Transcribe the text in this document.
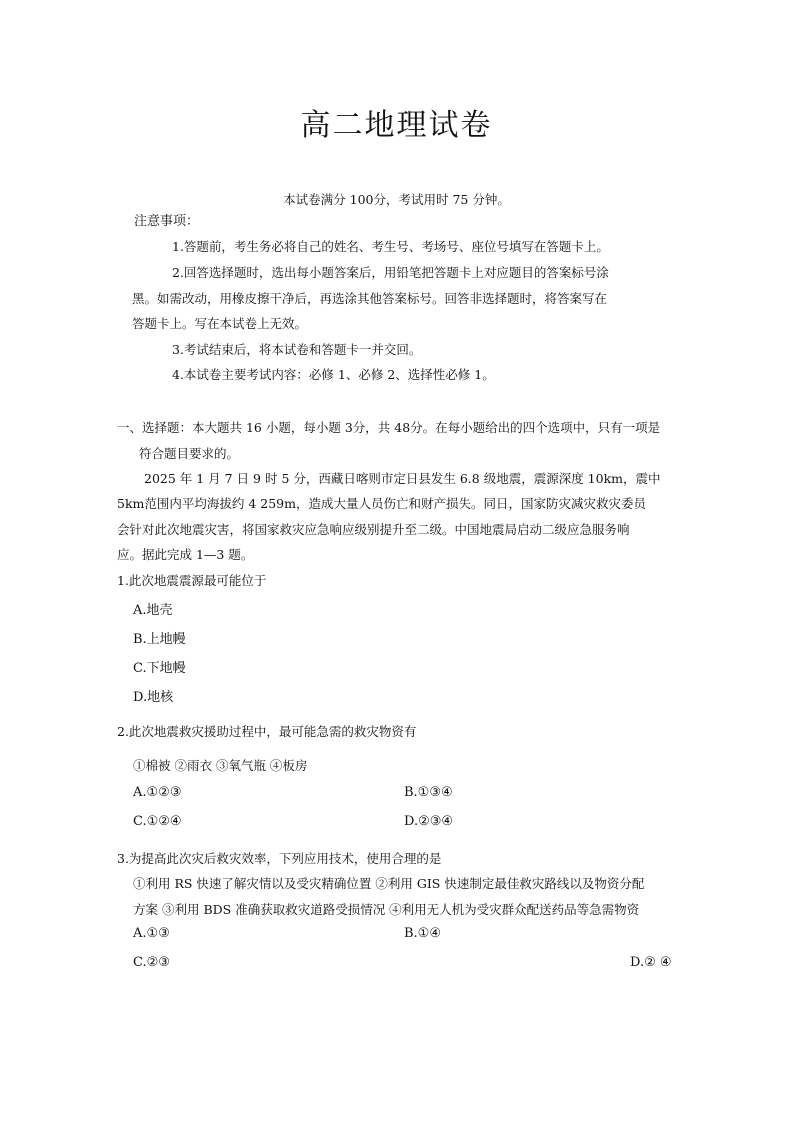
高二地理试卷
本试卷满分 100分，考试用时 75 分钟。
注意事项：
1.答题前，考生务必将自己的姓名、考生号、考场号、座位号填写在答题卡上。
2.回答选择题时，选出每小题答案后，用铅笔把答题卡上对应题目的答案标号涂
黑。如需改动，用橡皮擦干净后，再选涂其他答案标号。回答非选择题时，将答案写在
答题卡上。写在本试卷上无效。
3.考试结束后，将本试卷和答题卡一并交回。
4.本试卷主要考试内容：必修 1、必修 2、选择性必修 1。
一、选择题：本大题共 16 小题，每小题 3分，共 48分。在每小题给出的四个选项中，只有一项是
符合题目要求的。
2025 年 1 月 7 日 9 时 5 分，西藏日喀则市定日县发生 6.8 级地震，震源深度 10km，震中
5km范围内平均海拔约 4 259m，造成大量人员伤亡和财产损失。同日，国家防灾减灾救灾委员
会针对此次地震灾害，将国家救灾应急响应级别提升至二级。中国地震局启动二级应急服务响
应。据此完成 1—3 题。
1.此次地震震源最可能位于
A.地壳
B.上地幔
C.下地幔
D.地核
2.此次地震救灾援助过程中，最可能急需的救灾物资有
①棉被 ②雨衣 ③氧气瓶 ④板房
A.①②③	B.①③④
C.①②④	D.②③④
3.为提高此次灾后救灾效率，下列应用技术，使用合理的是
①利用 RS 快速了解灾情以及受灾精确位置 ②利用 GIS 快速制定最佳救灾路线以及物资分配
方案 ③利用 BDS 准确获取救灾道路受损情况 ④利用无人机为受灾群众配送药品等急需物资
A.①③	B.①④
C.②③	D.② ④
